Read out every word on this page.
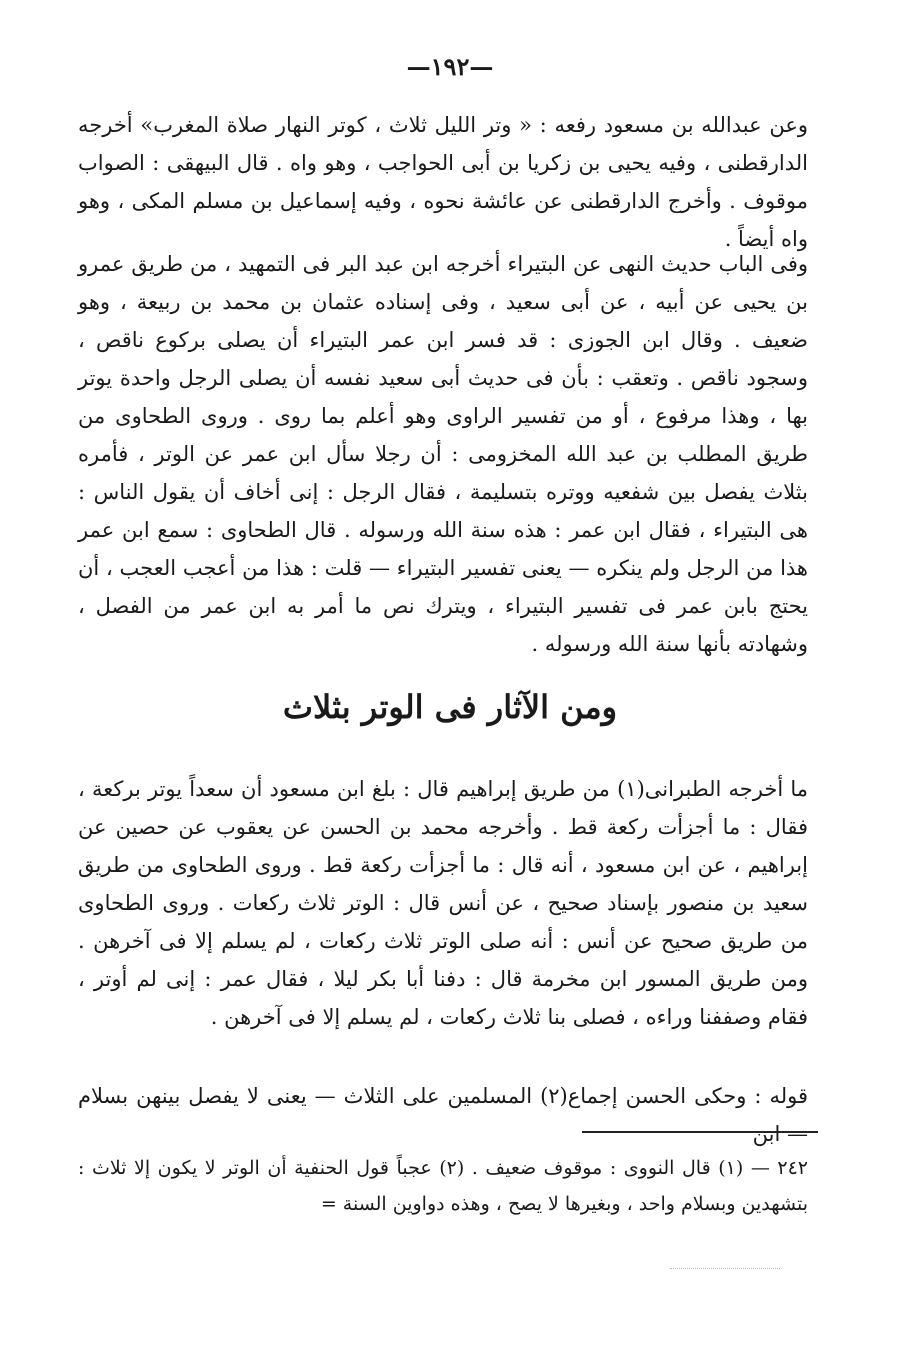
—١٩٢—

وعن عبدالله بن مسعود رفعه : « وتر الليل ثلاث ، كوتر النهار صلاة المغرب» أخرجه الدارقطنى ، وفيه يحيى بن زكريا بن أبى الحواجب ، وهو واه . قال البيهقى : الصواب موقوف . وأخرج الدارقطنى عن عائشة نحوه ، وفيه إسماعيل بن مسلم المكى ، وهو واه أيضاً .

وفى الباب حديث النهى عن البتيراء أخرجه ابن عبد البر فى التمهيد ، من طريق عمرو بن يحيى عن أبيه ، عن أبى سعيد ، وفى إسناده عثمان بن محمد بن ربيعة ، وهو ضعيف . وقال ابن الجوزى : قد فسر ابن عمر البتيراء أن يصلى بركوع ناقص ، وسجود ناقص . وتعقب : بأن فى حديث أبى سعيد نفسه أن يصلى الرجل واحدة يوتر بها ، وهذا مرفوع ، أو من تفسير الراوى وهو أعلم بما روى . وروى الطحاوى من طريق المطلب بن عبد الله المخزومى : أن رجلا سأل ابن عمر عن الوتر ، فأمره بثلاث يفصل بين شفعيه ووتره بتسليمة ، فقال الرجل : إنى أخاف أن يقول الناس : هى البتيراء ، فقال ابن عمر : هذه سنة الله ورسوله . قال الطحاوى : سمع ابن عمر هذا من الرجل ولم ينكره — يعنى تفسير البتيراء — قلت : هذا من أعجب العجب ، أن يحتج بابن عمر فى تفسير البتيراء ، ويترك نص ما أمر به ابن عمر من الفصل ، وشهادته بأنها سنة الله ورسوله .

ومن الآثار فى الوتر بثلاث

ما أخرجه الطبرانى(١) من طريق إبراهيم قال : بلغ ابن مسعود أن سعداً يوتر بركعة ، فقال : ما أجزأت ركعة قط . وأخرجه محمد بن الحسن عن يعقوب عن حصين عن إبراهيم ، عن ابن مسعود ، أنه قال : ما أجزأت ركعة قط . وروى الطحاوى من طريق سعيد بن منصور بإسناد صحيح ، عن أنس قال : الوتر ثلاث ركعات . وروى الطحاوى من طريق صحيح عن أنس : أنه صلى الوتر ثلاث ركعات ، لم يسلم إلا فى آخرهن . ومن طريق المسور ابن مخرمة قال : دفنا أبا بكر ليلا ، فقال عمر : إنى لم أوتر ، فقام وصففنا وراءه ، فصلى بنا ثلاث ركعات ، لم يسلم إلا فى آخرهن .

قوله : وحكى الحسن إجماع(٢) المسلمين على الثلاث — يعنى لا يفصل بينهن بسلام — ابن

٢٤٢ — (١) قال النووى : موقوف ضعيف . (٢) عجباً قول الحنفية أن الوتر لا يكون إلا ثلاث : بتشهدين وبسلام واحد ، وبغيرها لا يصح ، وهذه دواوين السنة =
